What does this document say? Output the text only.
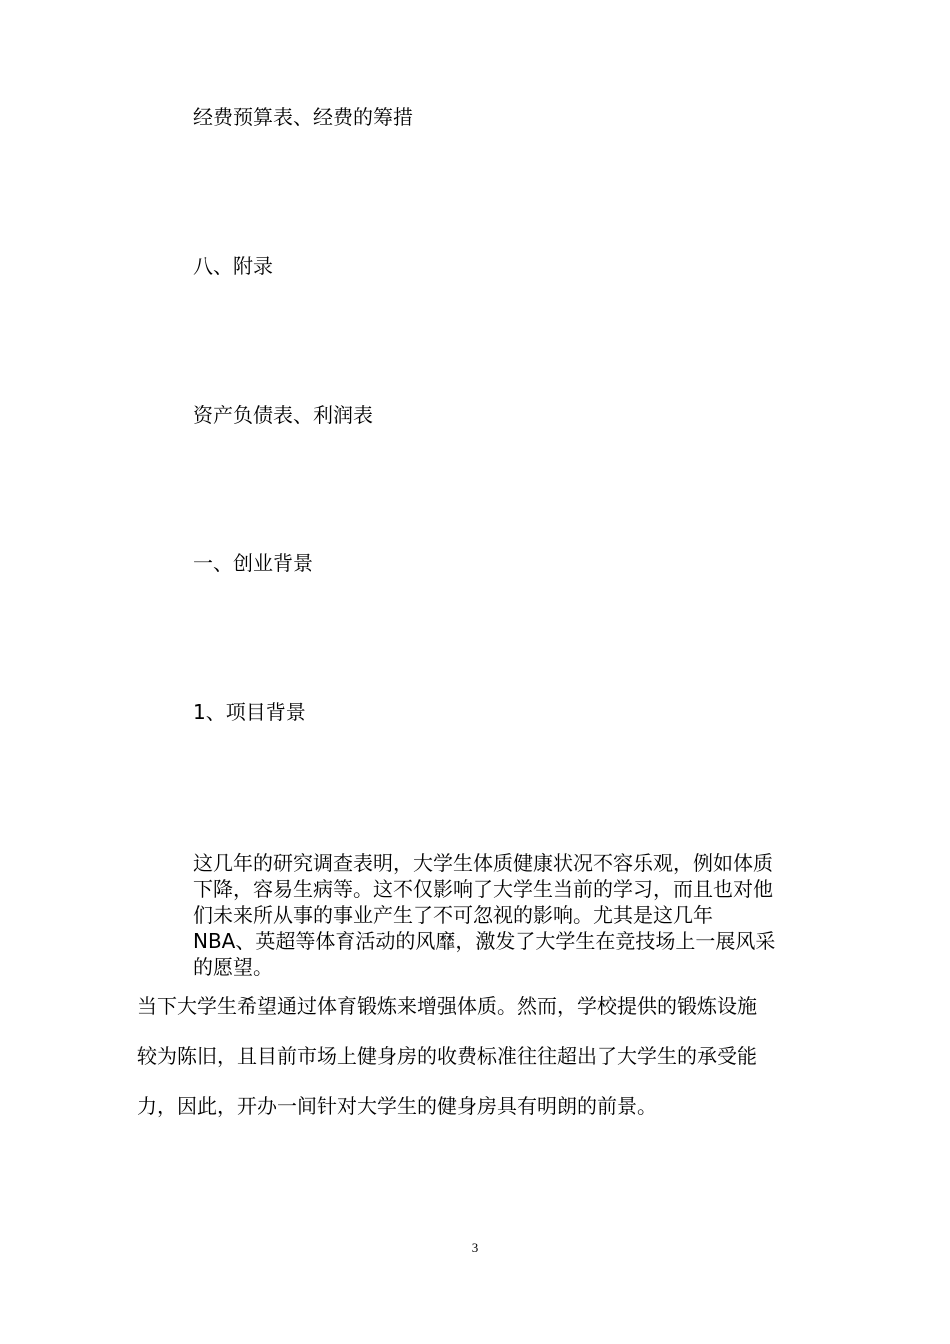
经费预算表、经费的筹措
八、附录
资产负债表、利润表
一、创业背景
1、项目背景

这几年的研究调查表明，大学生体质健康状况不容乐观，例如体质

下降，容易生病等。这不仅影响了大学生当前的学习，而且也对他

们未来所从事的事业产生了不可忽视的影响。尤其是这几年

NBA、英超等体育活动的风靡，激发了大学生在竞技场上一展风采

的愿望。

当下大学生希望通过体育锻炼来增强体质。然而，学校提供的锻炼设施
较为陈旧，且目前市场上健身房的收费标准往往超出了大学生的承受能
力，因此，开办一间针对大学生的健身房具有明朗的前景。
3
